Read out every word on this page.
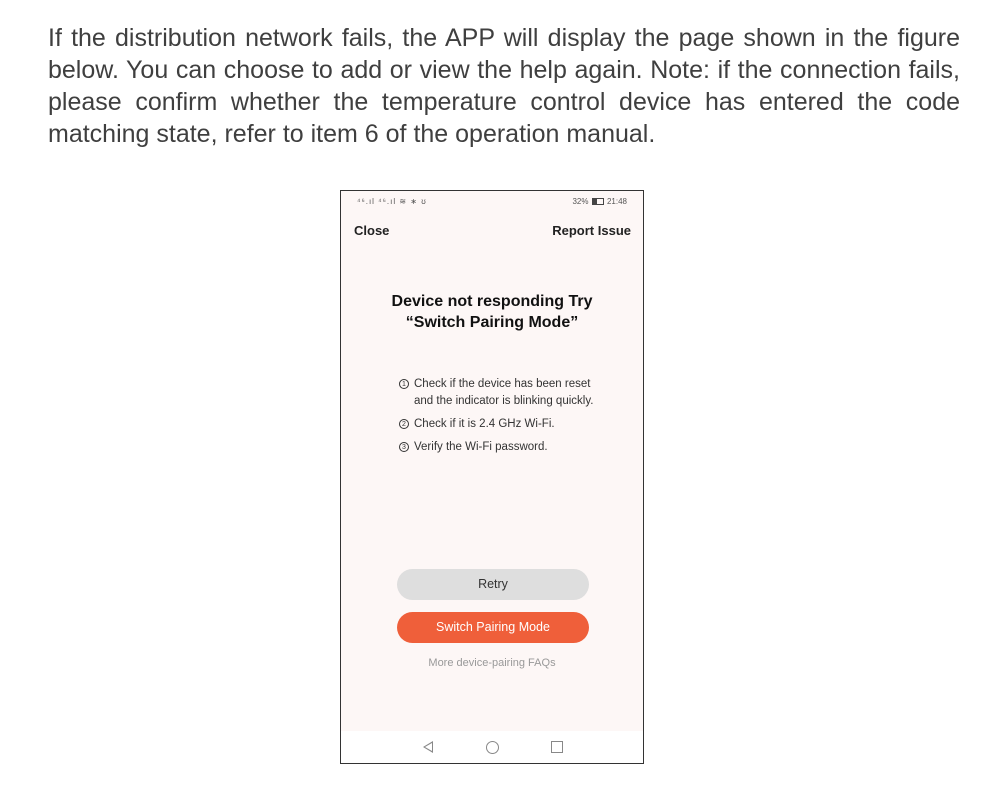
If the distribution network fails, the APP will display the page shown in the figure below. You can choose to add or view the help again. Note: if the connection fails, please confirm whether the temperature control device has entered the code matching state, refer to item 6 of the operation manual.

⁴⁶.ıl ⁴⁶.ıl ≋ ∗ ʊ	32% 21:48
Close	Report Issue
Device not responding Try “Switch Pairing Mode”
1 Check if the device has been reset and the indicator is blinking quickly.
2 Check if it is 2.4 GHz Wi-Fi.
3 Verify the Wi-Fi password.
Retry
Switch Pairing Mode
More device-pairing FAQs
